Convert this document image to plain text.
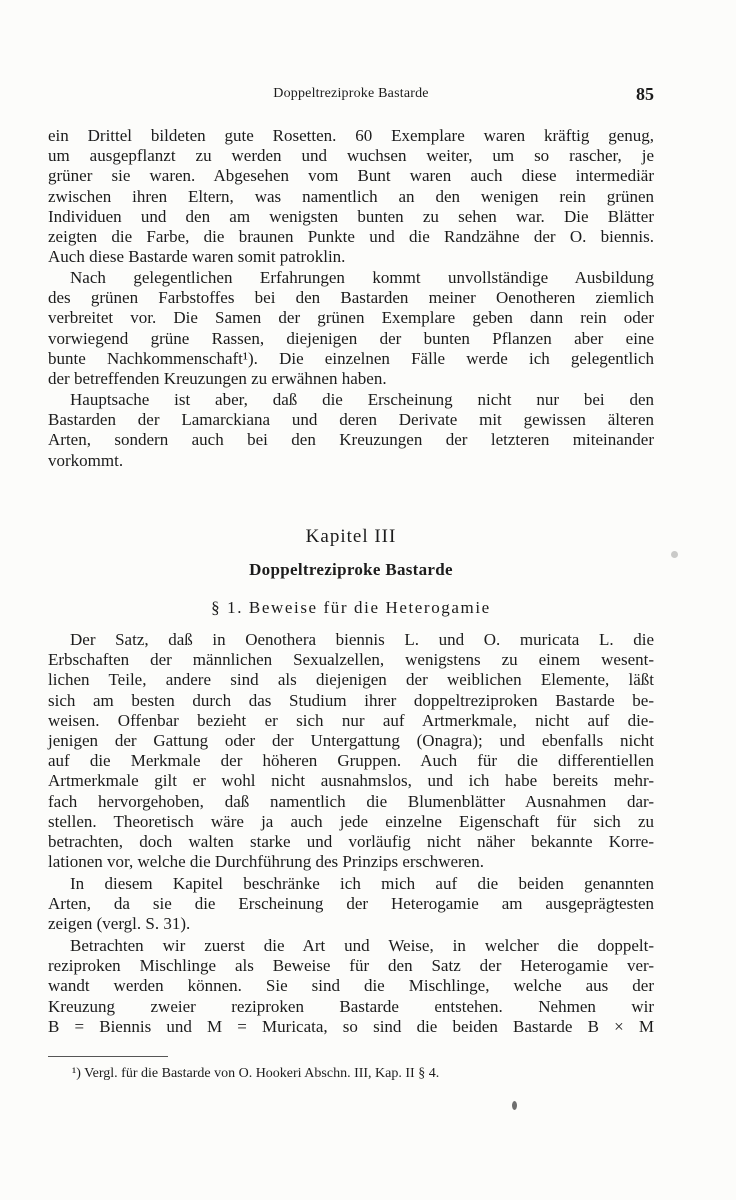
Doppeltreziproke Bastarde	85
ein Drittel bildeten gute Rosetten. 60 Exemplare waren kräftig genug,
um ausgepflanzt zu werden und wuchsen weiter, um so rascher, je
grüner sie waren. Abgesehen vom Bunt waren auch diese intermediär
zwischen ihren Eltern, was namentlich an den wenigen rein grünen
Individuen und den am wenigsten bunten zu sehen war. Die Blätter
zeigten die Farbe, die braunen Punkte und die Randzähne der O. biennis.
Auch diese Bastarde waren somit patroklin.
Nach gelegentlichen Erfahrungen kommt unvollständige Ausbildung
des grünen Farbstoffes bei den Bastarden meiner Oenotheren ziemlich
verbreitet vor. Die Samen der grünen Exemplare geben dann rein oder
vorwiegend grüne Rassen, diejenigen der bunten Pflanzen aber eine
bunte Nachkommenschaft¹). Die einzelnen Fälle werde ich gelegentlich
der betreffenden Kreuzungen zu erwähnen haben.
Hauptsache ist aber, daß die Erscheinung nicht nur bei den
Bastarden der Lamarckiana und deren Derivate mit gewissen älteren
Arten, sondern auch bei den Kreuzungen der letzteren miteinander
vorkommt.
Kapitel III
Doppeltreziproke Bastarde
§ 1. Beweise für die Heterogamie
Der Satz, daß in Oenothera biennis L. und O. muricata L. die
Erbschaften der männlichen Sexualzellen, wenigstens zu einem wesent-
lichen Teile, andere sind als diejenigen der weiblichen Elemente, läßt
sich am besten durch das Studium ihrer doppeltreziproken Bastarde be-
weisen. Offenbar bezieht er sich nur auf Artmerkmale, nicht auf die-
jenigen der Gattung oder der Untergattung (Onagra); und ebenfalls nicht
auf die Merkmale der höheren Gruppen. Auch für die differentiellen
Artmerkmale gilt er wohl nicht ausnahmslos, und ich habe bereits mehr-
fach hervorgehoben, daß namentlich die Blumenblätter Ausnahmen dar-
stellen. Theoretisch wäre ja auch jede einzelne Eigenschaft für sich zu
betrachten, doch walten starke und vorläufig nicht näher bekannte Korre-
lationen vor, welche die Durchführung des Prinzips erschweren.
In diesem Kapitel beschränke ich mich auf die beiden genannten
Arten, da sie die Erscheinung der Heterogamie am ausgeprägtesten
zeigen (vergl. S. 31).
Betrachten wir zuerst die Art und Weise, in welcher die doppelt-
reziproken Mischlinge als Beweise für den Satz der Heterogamie ver-
wandt werden können. Sie sind die Mischlinge, welche aus der
Kreuzung zweier reziproken Bastarde entstehen. Nehmen wir
B = Biennis und M = Muricata, so sind die beiden Bastarde B × M
¹) Vergl. für die Bastarde von O. Hookeri Abschn. III, Kap. II § 4.
